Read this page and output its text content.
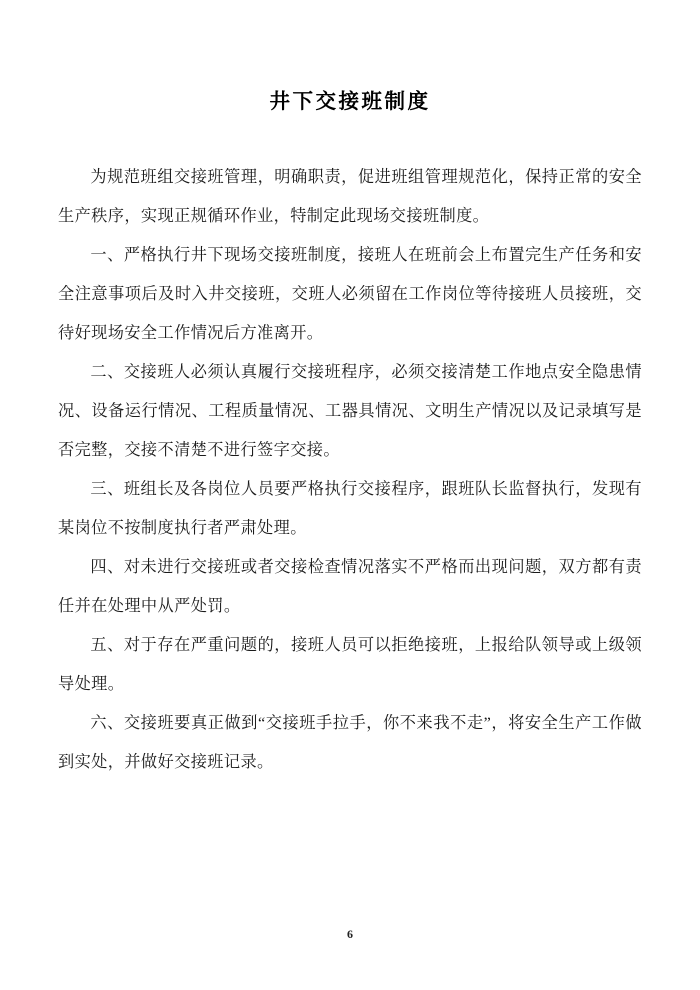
井下交接班制度

为规范班组交接班管理，明确职责，促进班组管理规范化，保持正常的安全生产秩序，实现正规循环作业，特制定此现场交接班制度。

一、严格执行井下现场交接班制度，接班人在班前会上布置完生产任务和安全注意事项后及时入井交接班，交班人必须留在工作岗位等待接班人员接班，交待好现场安全工作情况后方准离开。

二、交接班人必须认真履行交接班程序，必须交接清楚工作地点安全隐患情况、设备运行情况、工程质量情况、工器具情况、文明生产情况以及记录填写是否完整，交接不清楚不进行签字交接。

三、班组长及各岗位人员要严格执行交接程序，跟班队长监督执行，发现有某岗位不按制度执行者严肃处理。

四、对未进行交接班或者交接检查情况落实不严格而出现问题，双方都有责任并在处理中从严处罚。

五、对于存在严重问题的，接班人员可以拒绝接班，上报给队领导或上级领导处理。

六、交接班要真正做到“交接班手拉手，你不来我不走”，将安全生产工作做到实处，并做好交接班记录。

6
